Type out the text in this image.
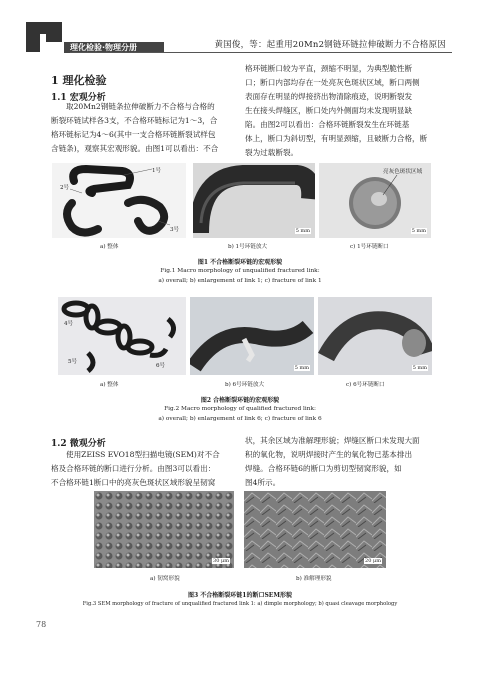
理化检验·物理分册	黄国俊，等：起重用20Mn2钢链环链拉伸破断力不合格原因
1 理化检验
1.1 宏观分析

取20Mn2钢链条拉伸破断力不合格与合格的

断裂环链试样各3支，不合格环链标记为1～3，合

格环链标记为4～6(其中一支合格环链断裂试样包

含链条)，观察其宏观形貌。由图1可以看出：不合

格环链断口较为平直，颈缩不明显，为典型脆性断

口；断口内部均存在一处亮灰色斑状区域，断口两侧

表面存在明显的焊接挤出物清除痕迹，说明断裂发

生在接头焊缝区，断口处内外侧面均未发现明显缺

陷。由图2可以看出：合格环链断裂发生在环链基

体上，断口为斜切型，有明显颈缩，且破断力合格，断

裂为过载断裂。

1号
2号
3号	5 mm
亮灰色斑状区域
5 mm
a) 整体	b) 1号环链放大	c) 1号环链断口
图1 不合格断裂环链的宏观形貌
Fig.1 Macro morphology of unqualified fractured link:
a) overall; b) enlargement of link 1; c) fracture of link 1
4号
5号
6号	5 mm	5 mm
a) 整体	b) 6号环链放大	c) 6号环链断口
图2 合格断裂环链的宏观形貌
Fig.2 Macro morphology of qualified fractured link:
a) overall; b) enlargement of link 6; c) fracture of link 6
1.2 微观分析

使用ZEISS EVO18型扫描电镜(SEM)对不合

格及合格环链的断口进行分析。由图3可以看出：

不合格环链1断口中的亮灰色斑状区域形貌呈韧窝

状，其余区域为准解理形貌；焊缝区断口未发现大面

积的氧化物，说明焊接时产生的氧化物已基本排出

焊缝。合格环链6的断口为剪切型韧窝形貌，如

图4所示。

30 μm	20 μm
a) 韧窝形貌	b) 准解理形貌
图3 不合格断裂环链1的断口SEM形貌
Fig.3 SEM morphology of fracture of unqualified fractured link 1: a) dimple morphology; b) quasi cleavage morphology
78
